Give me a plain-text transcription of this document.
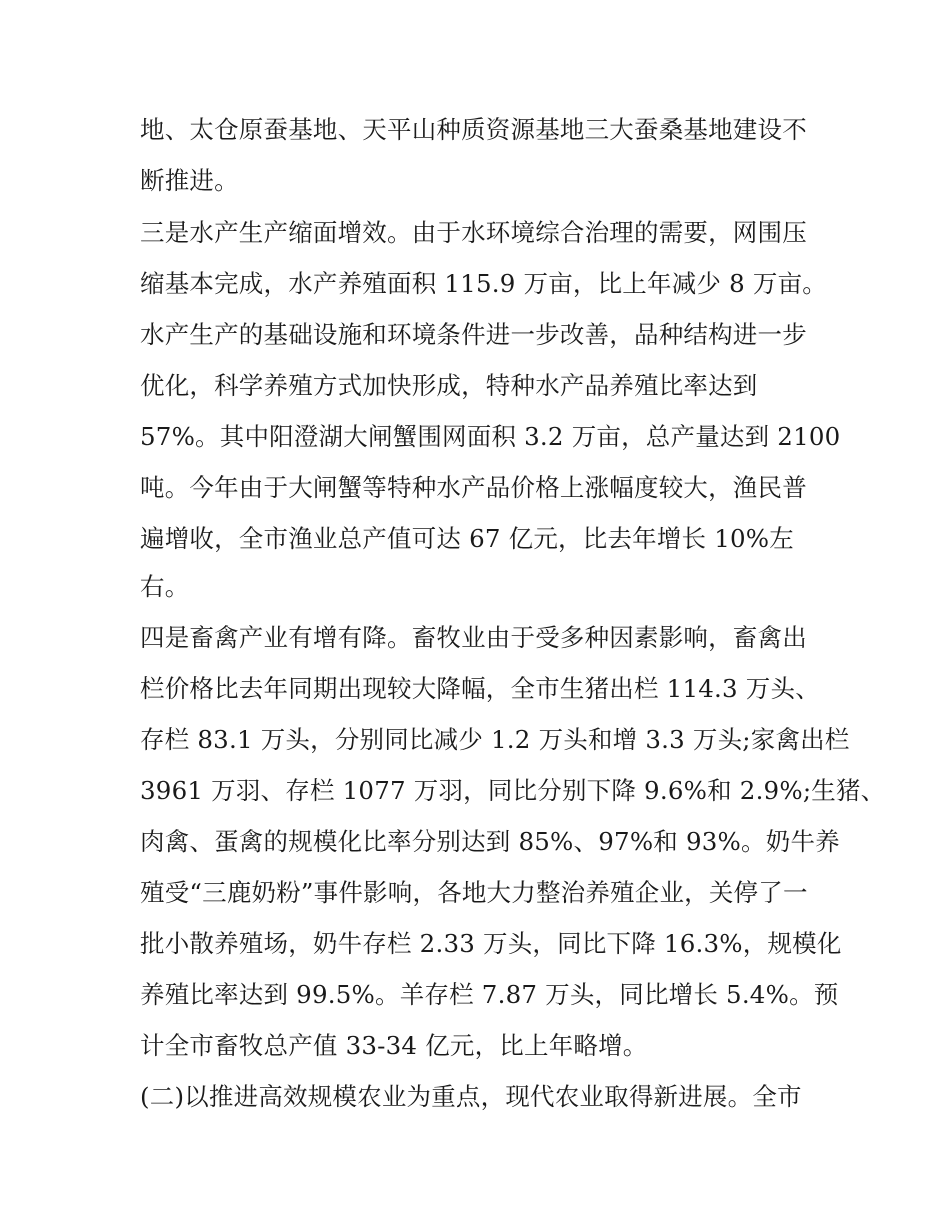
地、太仓原蚕基地、天平山种质资源基地三大蚕桑基地建设不

断推进。

三是水产生产缩面增效。由于水环境综合治理的需要，网围压

缩基本完成，水产养殖面积 115.9 万亩，比上年减少 8 万亩。

水产生产的基础设施和环境条件进一步改善，品种结构进一步

优化，科学养殖方式加快形成，特种水产品养殖比率达到

57%。其中阳澄湖大闸蟹围网面积 3.2 万亩，总产量达到 2100

吨。今年由于大闸蟹等特种水产品价格上涨幅度较大，渔民普

遍增收，全市渔业总产值可达 67 亿元，比去年增长 10%左

右。

四是畜禽产业有增有降。畜牧业由于受多种因素影响，畜禽出

栏价格比去年同期出现较大降幅，全市生猪出栏 114.3 万头、

存栏 83.1 万头，分别同比减少 1.2 万头和增 3.3 万头;家禽出栏

3961 万羽、存栏 1077 万羽，同比分别下降 9.6%和 2.9%;生猪、

肉禽、蛋禽的规模化比率分别达到 85%、97%和 93%。奶牛养

殖受“三鹿奶粉”事件影响，各地大力整治养殖企业，关停了一

批小散养殖场，奶牛存栏 2.33 万头，同比下降 16.3%，规模化

养殖比率达到 99.5%。羊存栏 7.87 万头，同比增长 5.4%。预

计全市畜牧总产值 33-34 亿元，比上年略增。

(二)以推进高效规模农业为重点，现代农业取得新进展。全市
